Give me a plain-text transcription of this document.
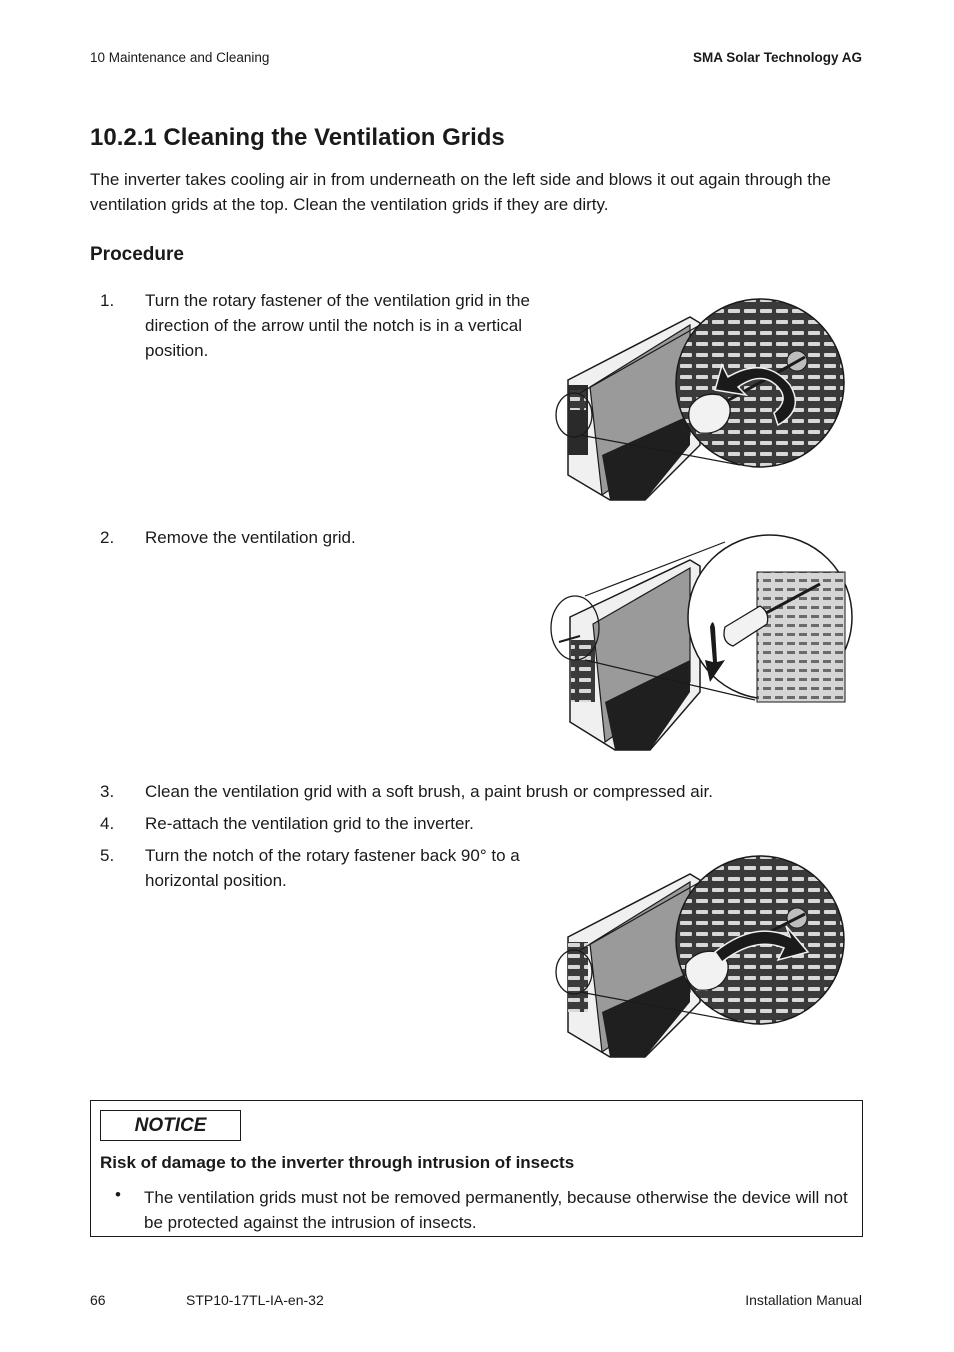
10 Maintenance and Cleaning	SMA Solar Technology AG
10.2.1 Cleaning the Ventilation Grids

The inverter takes cooling air in from underneath on the left side and blows it out again through the ventilation grids at the top. Clean the ventilation grids if they are dirty.

Procedure
1.	Turn the rotary fastener of the ventilation grid in the
direction of the arrow until the notch is in a vertical
position.
2.	Remove the ventilation grid.
3.	Clean the ventilation grid with a soft brush, a paint brush or compressed air.
4.	Re-attach the ventilation grid to the inverter.
5.	Turn the notch of the rotary fastener back 90° to a
horizontal position.
NOTICE
Risk of damage to the inverter through intrusion of insects
• The ventilation grids must not be removed permanently, because otherwise the device will not be protected against the intrusion of insects.
66	STP10-17TL-IA-en-32	Installation Manual
